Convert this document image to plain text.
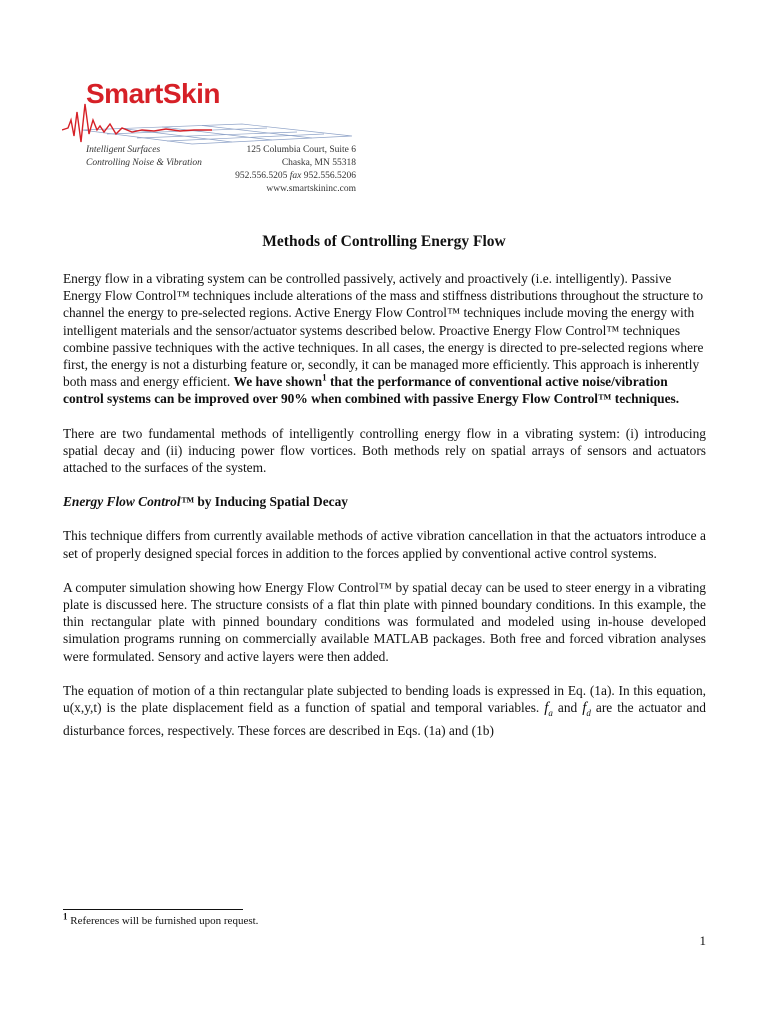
SmartSkin
Intelligent Surfaces
Controlling Noise & Vibration
125 Columbia Court, Suite 6
Chaska, MN 55318
952.556.5205 fax 952.556.5206
www.smartskininc.com
Methods of Controlling Energy Flow

Energy flow in a vibrating system can be controlled passively, actively and proactively (i.e. intelligently). Passive Energy Flow Control™ techniques include alterations of the mass and stiffness distributions throughout the structure to channel the energy to pre-selected regions. Active Energy Flow Control™ techniques include moving the energy with intelligent materials and the sensor/actuator systems described below. Proactive Energy Flow Control™ techniques combine passive techniques with the active techniques. In all cases, the energy is directed to pre-selected regions where first, the energy is not a disturbing feature or, secondly, it can be managed more efficiently. This approach is inherently both mass and energy efficient. We have shown$^1$ that the performance of conventional active noise/vibration control systems can be improved over 90% when combined with passive Energy Flow Control™ techniques.

There are two fundamental methods of intelligently controlling energy flow in a vibrating system: (i) introducing spatial decay and (ii) inducing power flow vortices. Both methods rely on spatial arrays of sensors and actuators attached to the surfaces of the system.

Energy Flow Control™ by Inducing Spatial Decay

This technique differs from currently available methods of active vibration cancellation in that the actuators introduce a set of properly designed special forces in addition to the forces applied by conventional active control systems.

A computer simulation showing how Energy Flow Control™ by spatial decay can be used to steer energy in a vibrating plate is discussed here. The structure consists of a flat thin plate with pinned boundary conditions. In this example, the thin rectangular plate with pinned boundary conditions was formulated and modeled using in-house developed simulation programs running on commercially available MATLAB packages. Both free and forced vibration analyses were formulated. Sensory and active layers were then added.

The equation of motion of a thin rectangular plate subjected to bending loads is expressed in Eq. (1a). In this equation, u(x,y,t) is the plate displacement field as a function of spatial and temporal variables. $f_a$ and $f_d$ are the actuator and disturbance forces, respectively. These forces are described in Eqs. (1a) and (1b)

$^1$ References will be furnished upon request.
1
